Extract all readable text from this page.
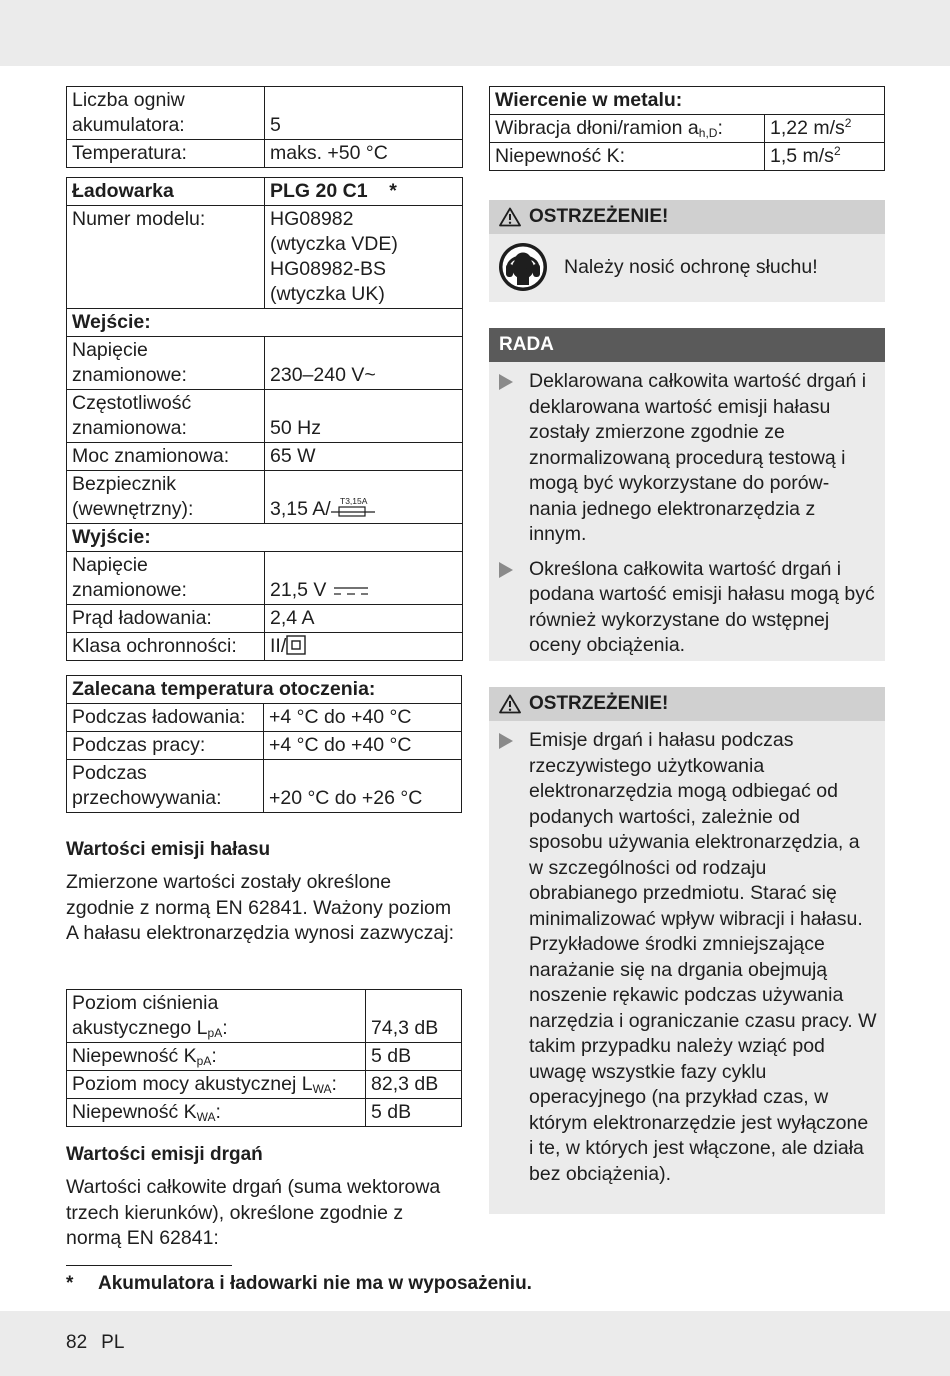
Liczba ogniw
akumulatora:	5
Temperatura:	maks. +50 °C
Ładowarka	PLG 20 C1    *
Numer modelu:	HG08982
(wtyczka VDE)
HG08982-BS
(wtyczka UK)
Wejście:	
Napięcie
znamionowe:	230–240 V~
Częstotliwość
znamionowa:	50 Hz
Moc znamionowa:	65 W
Bezpiecznik
(wewnętrzny):	3,15 A/ T3,15A

Wyjście:	
Napięcie
znamionowe:	21,5 V
Prąd ładowania:	2,4 A
Klasa ochronności:	II/
Zalecana temperatura otoczenia:	
Podczas ładowania:	+4 °C do +40 °C
Podczas pracy:	+4 °C do +40 °C
Podczas
przechowywania:	+20 °C do +26 °C
Wartości emisji hałasu
Zmierzone wartości zostały określone zgodnie z normą EN 62841. Ważony poziom A hałasu elektronarzędzia wynosi zazwyczaj:
Poziom ciśnienia
akustycznego $L_{pA}$:	74,3 dB
Niepewność $K_{pA}$:	5 dB
Poziom mocy akustycznej $L_{WA}$:	82,3 dB
Niepewność $K_{WA}$:	5 dB
Wartości emisji drgań
Wartości całkowite drgań (suma wektorowa trzech kierunków), określone zgodnie z normą EN 62841:
Wiercenie w metalu:	
Wibracja dłoni/ramion $a_{h,D}$:	1,22 $m/s^2$
Niepewność K:	1,5 $m/s^2$
OSTRZEŻENIE!
Należy nosić ochronę słuchu!
RADA
Deklarowana całkowita wartość drgań i deklarowana wartość emisji hałasu zostały zmierzone zgodnie ze znormalizowaną procedurą testową i mogą być wykorzystane do porów- nania jednego elektronarzędzia z innym.
Określona całkowita wartość drgań i podana wartość emisji hałasu mogą być również wykorzystane do wstępnej oceny obciążenia.
OSTRZEŻENIE!
Emisje drgań i hałasu podczas rzeczywistego użytkowania elektronarzędzia mogą odbiegać od podanych wartości, zależnie od sposobu używania elektronarzędzia, a w szczególności od rodzaju obrabianego przedmiotu. Starać się minimalizować wpływ wibracji i hałasu. Przykładowe środki zmniejszające narażanie się na drgania obejmują noszenie rękawic podczas używania narzędzia i ograniczanie czasu pracy. W takim przypadku należy wziąć pod uwagę wszystkie fazy cyklu operacyjnego (na przykład czas, w którym elektronarzędzie jest wyłączone i te, w których jest włączone, ale działa bez obciążenia).
* Akumulatora i ładowarki nie ma w wyposażeniu.
82 PL
